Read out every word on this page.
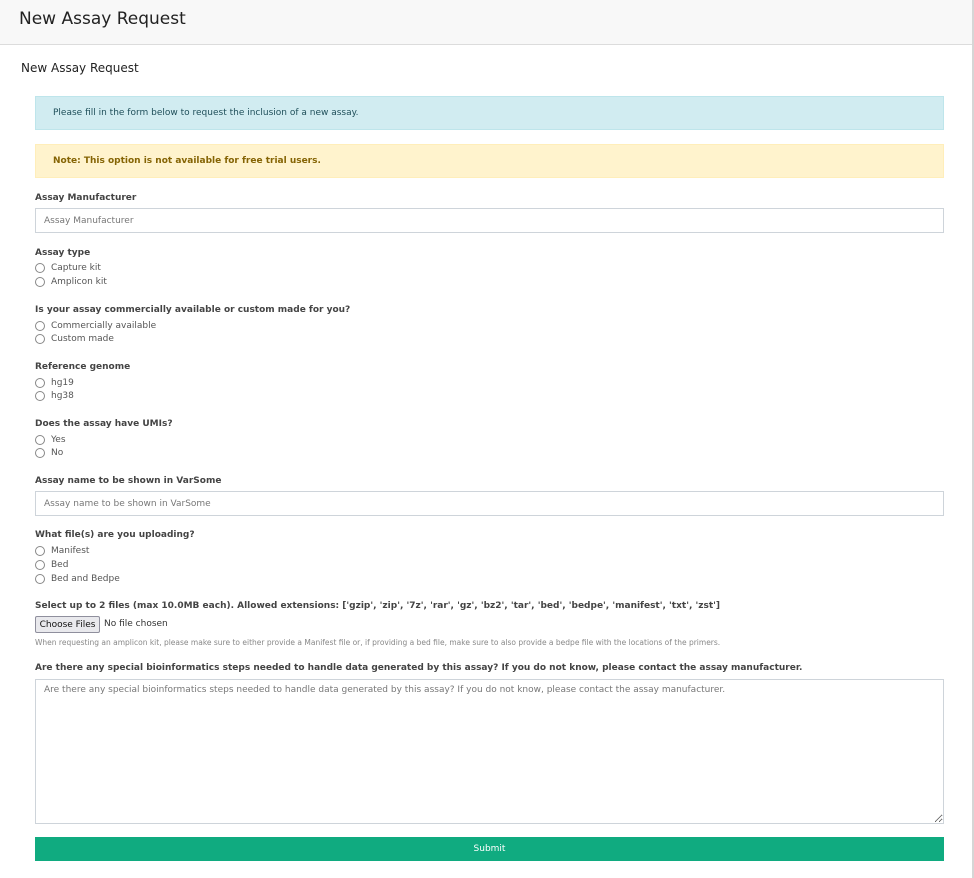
New Assay Request
New Assay Request
Please fill in the form below to request the inclusion of a new assay.
Note: This option is not available for free trial users.
Assay Manufacturer
Assay Manufacturer
Assay type
Capture kit
Amplicon kit
Is your assay commercially available or custom made for you?
Commercially available
Custom made
Reference genome
hg19
hg38
Does the assay have UMIs?
Yes
No
Assay name to be shown in VarSome
Assay name to be shown in VarSome
What file(s) are you uploading?
Manifest
Bed
Bed and Bedpe
Select up to 2 files (max 10.0MB each). Allowed extensions: ['gzip', 'zip', '7z', 'rar', 'gz', 'bz2', 'tar', 'bed', 'bedpe', 'manifest', 'txt', 'zst']
Choose Files No file chosen
When requesting an amplicon kit, please make sure to either provide a Manifest file or, if providing a bed file, make sure to also provide a bedpe file with the locations of the primers.
Are there any special bioinformatics steps needed to handle data generated by this assay? If you do not know, please contact the assay manufacturer.
Are there any special bioinformatics steps needed to handle data generated by this assay? If you do not know, please contact the assay manufacturer.
Submit
